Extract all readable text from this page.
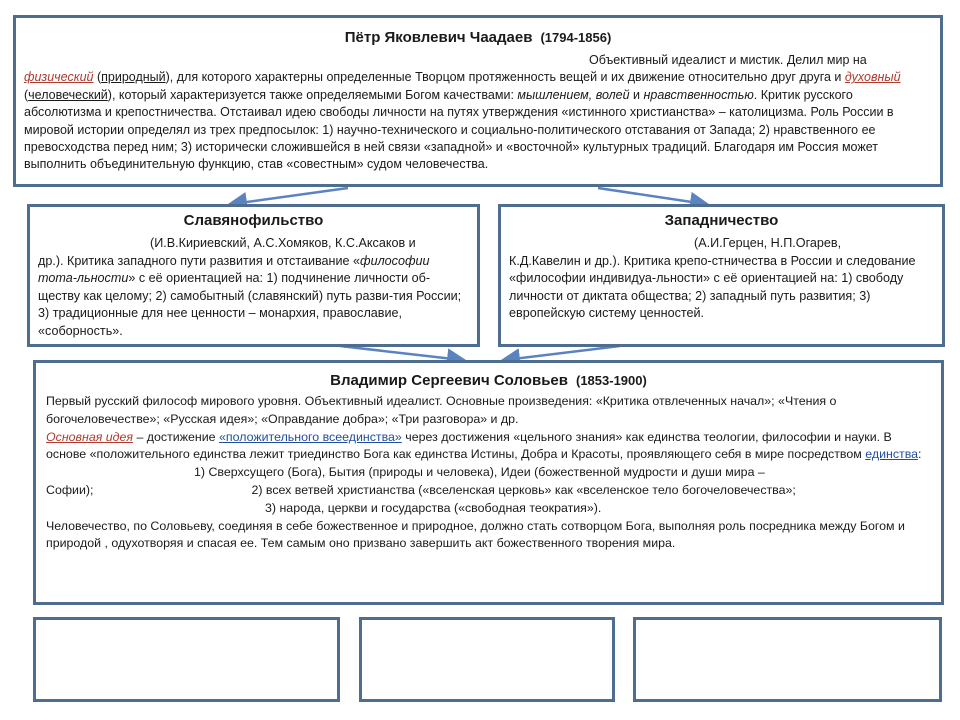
Пётр Яковлевич Чаадаев (1794-1856)
Объективный идеалист и мистик. Делил мир на
физический (природный), для которого характерны определенные Творцом протяженность вещей и их движение относительно друг друга и духовный (человеческий), который характеризуется также определяемыми Богом качествами: мышлением, волей и нравственностью. Критик русского абсолютизма и крепостничества. Отстаивал идею свободы личности на путях утверждения «истинного христианства» – католицизма. Роль России в мировой истории определял из трех предпосылок: 1) научно-технического и социально-политического отставания от Запада; 2) нравственного ее превосходства перед ним; 3) исторически сложившейся в ней связи «западной» и «восточной» культурных традиций. Благодаря им Россия может выполнить объединительную функцию, став «совестным» судом человечества.
Славянофильство
(И.В.Кириевский, А.С.Хомяков, К.С.Аксаков и
др.). Критика западного пути развития и отстаивание «философии тота-льности» с её ориентацией на: 1) подчинение личности об-ществу как целому; 2) самобытный (славянский) путь разви-тия России; 3) традиционные для нее ценности – монархия, православие, «соборность».
Западничество
(А.И.Герцен, Н.П.Огарев,
К.Д.Кавелин и др.). Критика крепо-стничества в России и следование «философии индивидуа-льности» с её ориентацией на: 1) свободу личности от диктата общества; 2) западный путь развития; 3) европейскую систему ценностей.
Владимир Сергеевич Соловьев (1853-1900)

Первый русский философ мирового уровня. Объективный идеалист. Основные произведения: «Критика отвлеченных начал»; «Чтения о богочеловечестве»; «Русская идея»; «Оправдание добра»; «Три разговора» и др.

Основная идея – достижение «положительного всеединства» через достижения «цельного знания» как единства теологии, философии и науки. В основе «положительного единства лежит триединство Бога как единства Истины, Добра и Красоты, проявляющего себя в мире посредством единства:

1) Сверхсущего (Бога), Бытия (природы и человека), Идеи (божественной мудрости и души мира –
Софии);	2) всех ветвей христианства («вселенская церковь» как «вселенское тело богочеловечества»;
3) народа, церкви и государства («свободная теократия»).

Человечество, по Соловьеву, соединяя в себе божественное и природное, должно стать сотворцом Бога, выполняя роль посредника между Богом и природой , одухотворяя и спасая ее. Тем самым оно призвано завершить акт божественного творения мира.
